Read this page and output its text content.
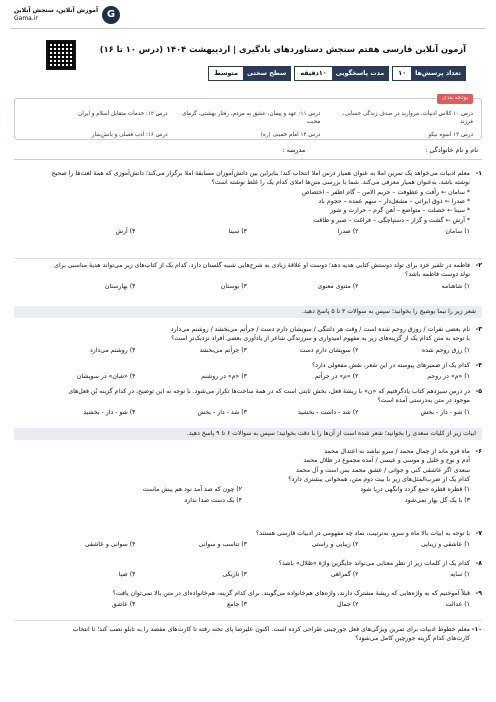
G
آموزش آنلاین، سنجش آنلاین
Gama.ir
آزمون آنلاین فارسی هفتم سنجش دستاوردهای یادگیری | اردیبهشت ۱۴۰۴ (درس ۱۰ تا ۱۶)
تعداد پرسش‌ها
۱۰
مدت پاسخگویی
۱۰دقیقه
سطح سختی
متوسط
بودجه بندی
درس ۱۰ کلاس ادبیات، مروارید در صدف زندگی حسابی، فرزند
درس ۱۱: عهد و پیمان، عشق به مردم، رفتار بهشتی، گرمای محبت
درس ۱۲: خدمات متقابل اسلام و ایران
درس ۱۳ اسوه نیکو
درس ۱۴ امام خمینی (ره)
درس ۱۶: ادب فصلی و بانش‌ساز
نام و نام خانوادگی :
مدرسه :
۱-

معلم ادبیات می‌خواهد یک تمرین املا به عنوان همیار درس املا انتخاب کند؛ بنابراین بین دانش‌آموزان مسابقهٔ املا برگزار می‌کند؛ دانش‌آموزی که همهٔ لغت‌ها را صحیح

نوشته باشد، به‌عنوان همیار معرفی می‌کند. شما با بررسی متن‌ها املای کدام یک را غلط نوشته است؟

* سامان ← رأفت و عطوفت – حریم الامن – گام اظفر – اختصاص

* صدرا ← ذوق ابراتی – مشغل‌دار – سهم عمده – حجوم باد

* سینا ← خصلت – متواضع – آهن گرم – حرارت و شور

* آرش ← گشت و گزار – دستپاچگی – فراغت – صبر و طاقت

۱) سامان
۲) صدرا
۳) سینا
۴) آرش
۲-

فاطمه در تلفیر خزد برای تولد دوستش کتابی هدیه دهد؛ دوست او علاقهٔ زیادی به شرح‌هایی شبیه گلستان دارد. کدام یک از کتاب‌های زیر می‌تواند هدیهٔ مناسبی برای

تولد دوست فاطمه باشد؟

۱) شاهنامه
۲) مثنوی معنوی
۳) بوستان
۴) بهارستان
شعر زیر را نیما بوشیج را بخوانید؛ سپس به سوالات ۳ تا ۵ پاسخ دهید.
۳-

نام بعضی نفرات / روزق روحم شده است / وقت هر دلتنگی / سویشان دارم دست / جرأتم می‌بخشد / روشنم می‌دارد

با توجه به متن کدام یک از گزینه‌های زیر به مفهوم امیدواری و سرزندگی شاعر از یادآوری بعضی افراد نزدیک‌تر است؟

۱) رزق روحم شده
۲) سویشان دارم دست
۳) جرأتم می‌بخشد
۴) روشنم می‌دارد
۴-

کدام یک از ضمیرهای پیوسته در این شعر، نقش مفعولی دارد؟

۱) «م» در روحم
۲) «م» در جرأتم
۳) «م» در روشنم
۴) «شان» در سویشان
۵-

در درس سیزدهم کتاب یادگرفتیم که «ن» با ریشهٔ فعل، بخش ثابتی است که در همهٔ ساخت‌ها تکرار می‌شود. با توجه به این توضیح، در کدام گزینه بُن فعل‌های

موجود در متن به‌درستی آمده است؟

۱) شو - دار - بخش
۲) شد - داشت - بخشید
۳) شد - دار - بخش
۴) شو - دار - بخشید
ابیات زیر از کلیات سعدی را بخوانید؛ شعر شده است از آن‌ها را با دقت بخوانید؛ سپس به سوالات ۶ تا ۹ پاسخ دهید.
۶-

ماه فرو ماند از جمال محمد / سرو نباشد به اعتدال محمد

آدم و نوح و خلیل و موسی و عیسی / آمده مجموع در ظلال محمد

سعدی اگر عاشقی کنی و جوانی / عشق محمد بس است و آل محمد

کدام یک از ضرب‌المثل‌های زیر با بیت دوم متن، همخوانی بیشتری دارد؟

۱) قطره قطره جمع گردد وانگهی دریا شود
۲) چون که صد آمد نود هم پیش ماست
۳) با یک گل بهار نمی‌شود
۴) یک دست صدا ندارد
۷-

با توجه به ابیات بالا ماه و سرو، به‌ترتیب، نماد چه مفهومی در ادبیات فارسی هستند؟

۱) عاشقی و زیبایی
۲) زیبایی و راستی
۳) تناسب و سوانی
۴) سوانی و عاشقی
۸-

کدام یک از کلمات زیر از نظر معنایی می‌تواند جایگزین واژهٔ «ظلال» باشد؟

۱) سایه
۲) گمراهی
۳) تاریکی
۴) ضیا
۹-

قبلاً آموختیم که به واژه‌هایی که ریشهٔ مشترک دارند، واژه‌های هم‌خانواده می‌گویند. برای کدام گزینه، هم‌خانواده‌ای در متن بالا نمی‌توان یافت؟

۱) عدالت
۲) جمال
۳) جامع
۴) عاشق
۱۰-

معلم خطوط ادبیات برای تمرین ویژگی‌های فعل جورچینی طراحی کرده است. اکنون علیرضا پای تخته رفته تا کارت‌های مقصد را به تابلو نصب کند؛ تا انتخاب

کارت‌های کدام گزینه جورچین کامل می‌شود؟
